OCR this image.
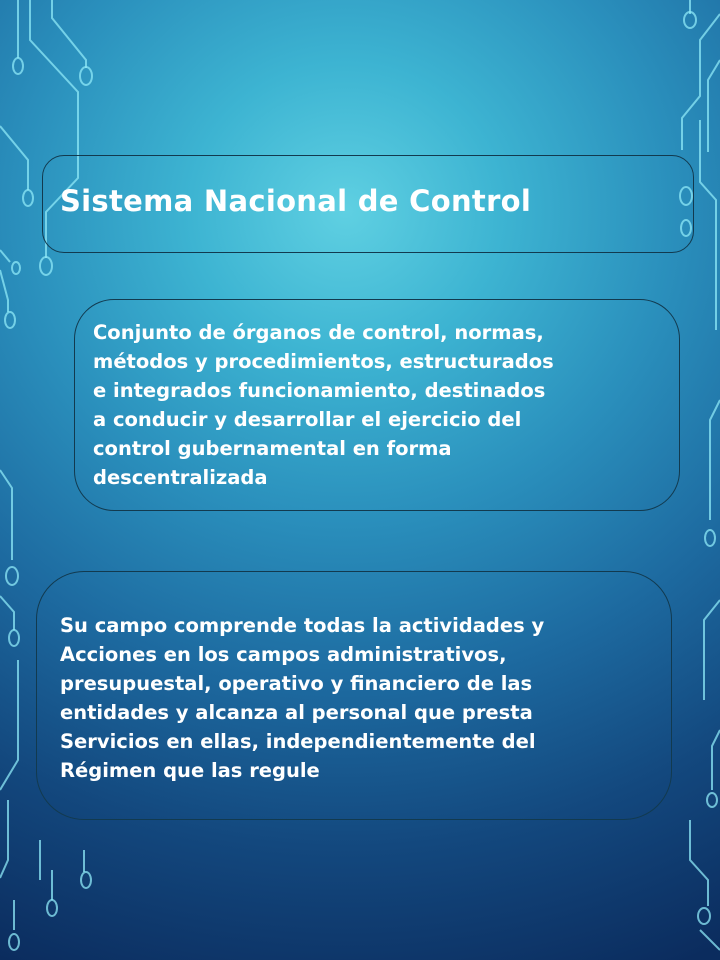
Sistema Nacional de Control

Conjunto de órganos de control, normas,
métodos y procedimientos, estructurados
e integrados funcionamiento, destinados
a conducir y desarrollar el ejercicio del
control gubernamental en forma
descentralizada

Su campo comprende todas la actividades y
Acciones en los campos administrativos,
presupuestal, operativo y financiero de las
entidades y alcanza al personal que presta
Servicios en ellas, independientemente del
Régimen que las regule
